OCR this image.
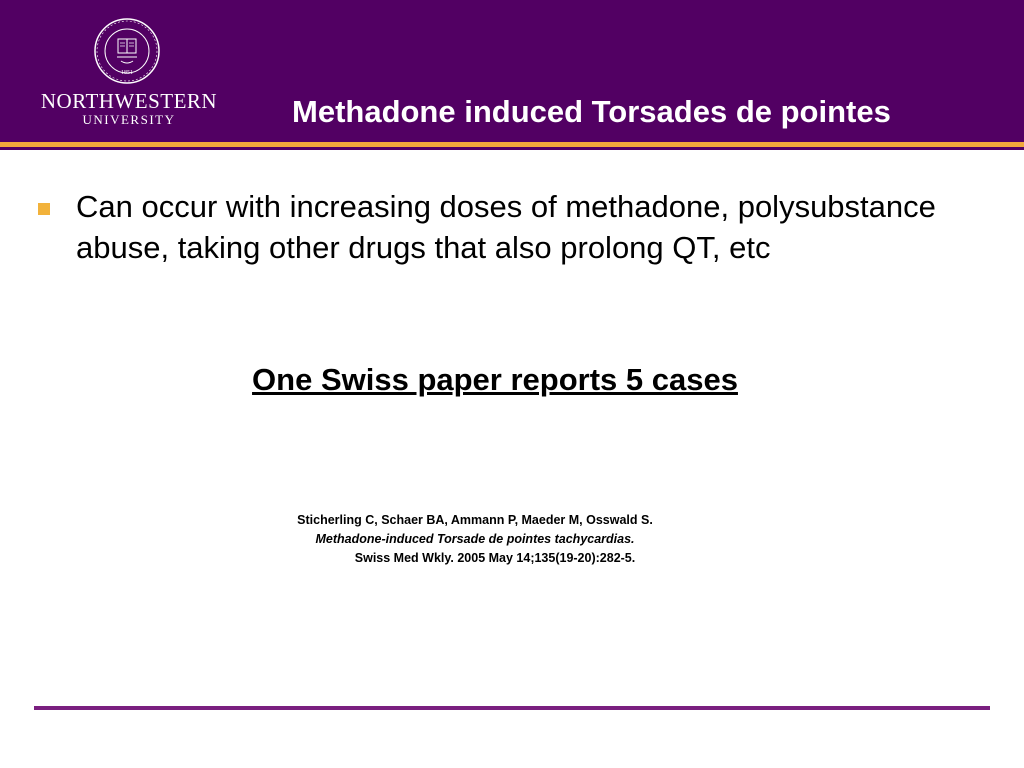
1851
NORTHWESTERN
UNIVERSITY	Methadone induced Torsades de pointes
Can occur with increasing doses of methadone, polysubstance abuse, taking other drugs that also prolong QT, etc
One Swiss paper reports 5 cases
Sticherling C, Schaer BA, Ammann P, Maeder M, Osswald S.
Methadone-induced Torsade de pointes tachycardias.
Swiss Med Wkly. 2005 May 14;135(19-20):282-5.
